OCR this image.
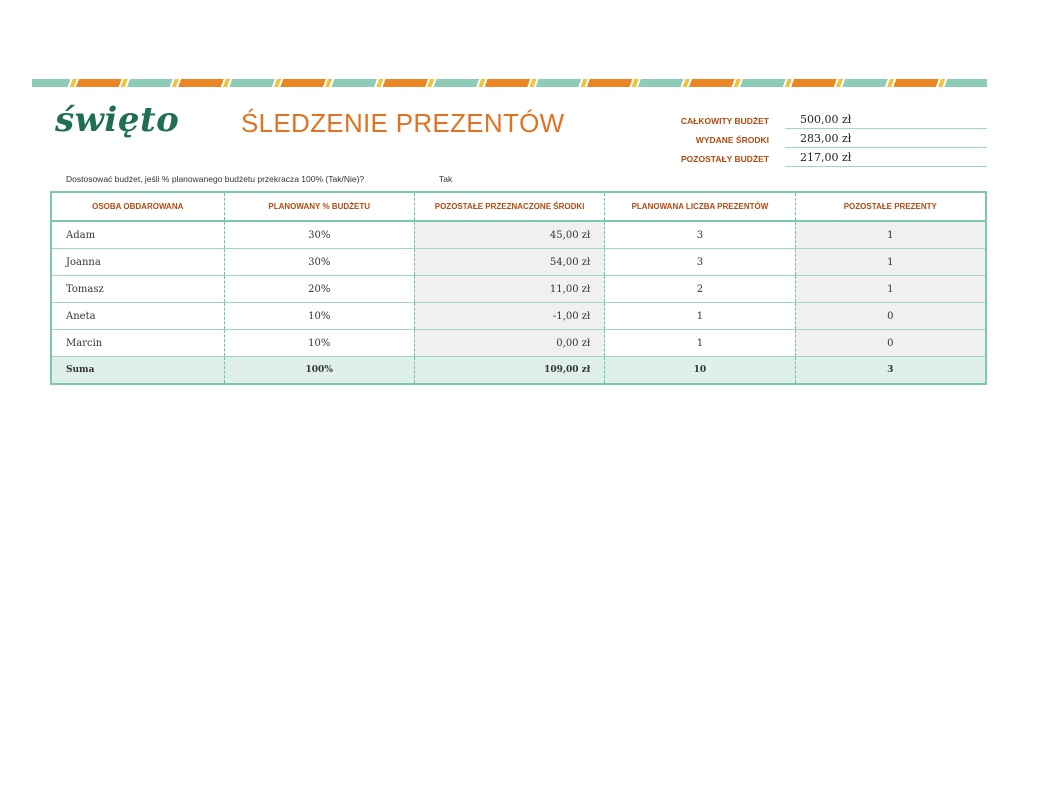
święto ŚLEDZENIE PREZENTÓW	CAŁKOWITY BUDŻET	500,00 zł
WYDANE ŚRODKI	283,00 zł
POZOSTAŁY BUDŻET	217,00 zł
Dostosować budżet, jeśli % planowanego budżetu przekracza 100% (Tak/Nie)?	Tak
OSOBA OBDAROWANA	PLANOWANY % BUDŻETU	POZOSTAŁE PRZEZNACZONE ŚRODKI	PLANOWANA LICZBA PREZENTÓW	POZOSTAŁE PREZENTY
Adam	30%	45,00 zł	3	1
Joanna	30%	54,00 zł	3	1
Tomasz	20%	11,00 zł	2	1
Aneta	10%	-1,00 zł	1	0
Marcin	10%	0,00 zł	1	0
Suma	100%	109,00 zł	10	3
